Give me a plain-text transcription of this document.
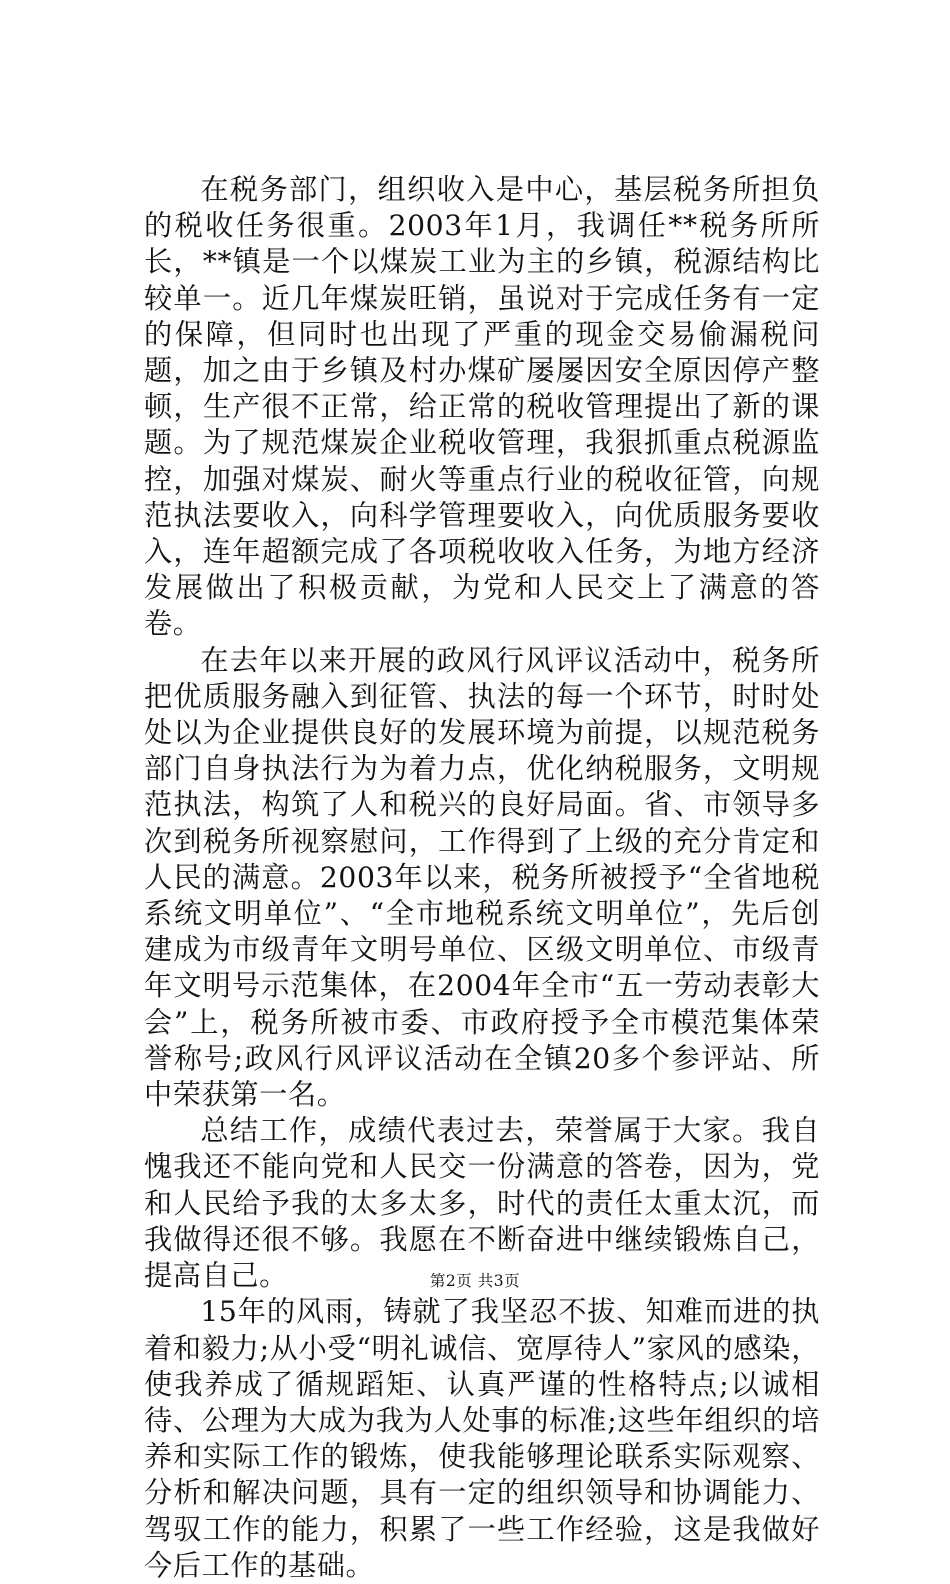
在税务部门，组织收入是中心，基层税务所担负的税收任务很重。2003年1月，我调任**税务所所长，**镇是一个以煤炭工业为主的乡镇，税源结构比较单一。近几年煤炭旺销，虽说对于完成任务有一定的保障，但同时也出现了严重的现金交易偷漏税问题，加之由于乡镇及村办煤矿屡屡因安全原因停产整顿，生产很不正常，给正常的税收管理提出了新的课题。为了规范煤炭企业税收管理，我狠抓重点税源监控，加强对煤炭、耐火等重点行业的税收征管，向规范执法要收入，向科学管理要收入，向优质服务要收入，连年超额完成了各项税收收入任务，为地方经济发展做出了积极贡献，为党和人民交上了满意的答卷。

在去年以来开展的政风行风评议活动中，税务所把优质服务融入到征管、执法的每一个环节，时时处处以为企业提供良好的发展环境为前提，以规范税务部门自身执法行为为着力点，优化纳税服务，文明规范执法，构筑了人和税兴的良好局面。省、市领导多次到税务所视察慰问，工作得到了上级的充分肯定和人民的满意。2003年以来，税务所被授予“全省地税系统文明单位”、“全市地税系统文明单位”，先后创建成为市级青年文明号单位、区级文明单位、市级青年文明号示范集体，在2004年全市“五一劳动表彰大会”上，税务所被市委、市政府授予全市模范集体荣誉称号;政风行风评议活动在全镇20多个参评站、所中荣获第一名。

总结工作，成绩代表过去，荣誉属于大家。我自愧我还不能向党和人民交一份满意的答卷，因为，党和人民给予我的太多太多，时代的责任太重太沉，而我做得还很不够。我愿在不断奋进中继续锻炼自己，提高自己。

15年的风雨，铸就了我坚忍不拔、知难而进的执着和毅力;从小受“明礼诚信、宽厚待人”家风的感染，使我养成了循规蹈矩、认真严谨的性格特点;以诚相待、公理为大成为我为人处事的标准;这些年组织的培养和实际工作的锻炼，使我能够理论联系实际观察、分析和解决问题，具有一定的组织领导和协调能力、驾驭工作的能力，积累了一些工作经验，这是我做好今后工作的基础。

第2页 共3页
